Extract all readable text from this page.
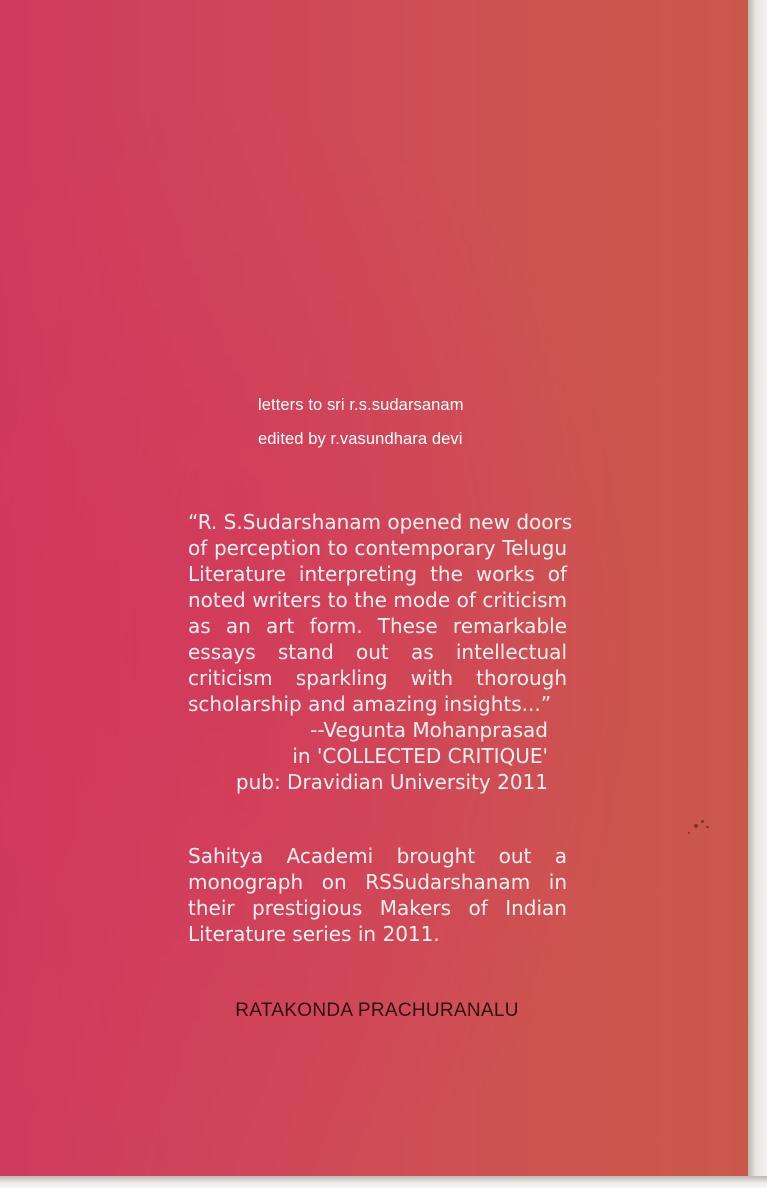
letters to sri r.s.sudarsanam
edited by r.vasundhara devi
“R. S.Sudarshanam opened new doors
of perception to contemporary Telugu
Literature interpreting the works of
noted writers to the mode of criticism
as an art form. These remarkable
essays stand out as intellectual
criticism sparkling with thorough
scholarship and amazing insights...”
--Vegunta Mohanprasad
in 'COLLECTED CRITIQUE'
pub: Dravidian University 2011
Sahitya Academi brought out a
monograph on RSSudarshanam in
their prestigious Makers of Indian
Literature series in 2011.
RATAKONDA PRACHURANALU
